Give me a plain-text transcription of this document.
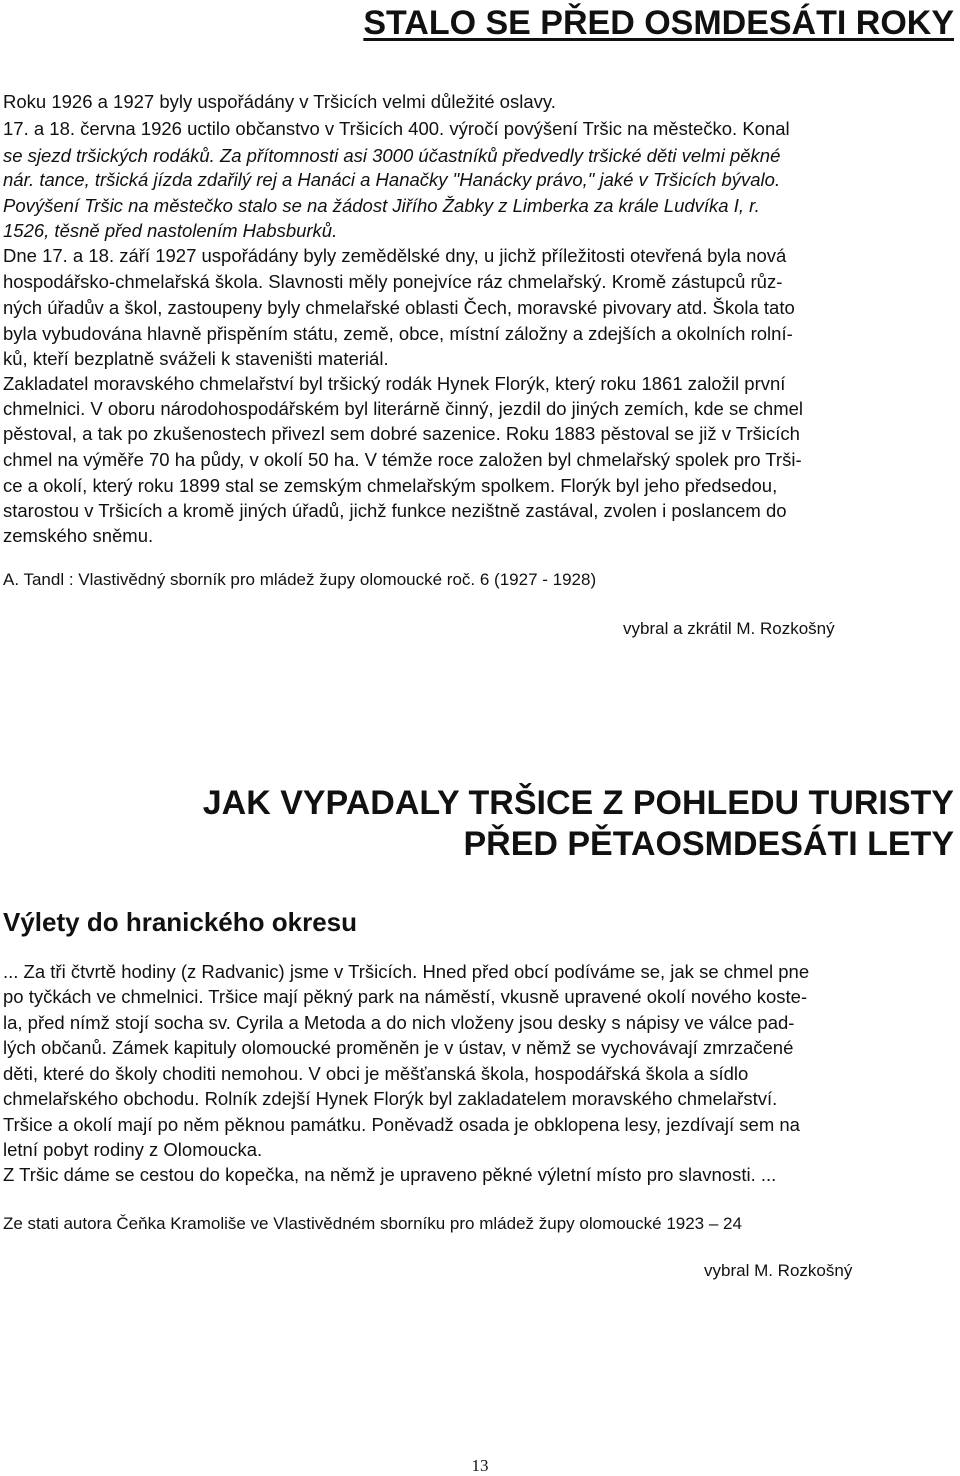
STALO SE PŘED OSMDESÁTI ROKY
Roku 1926 a 1927 byly uspořádány v Tršicích velmi důležité oslavy.
17. a 18. června 1926 uctilo občanstvo v Tršicích 400. výročí povýšení Tršic na městečko. Konal
se sjezd tršických rodáků. Za přítomnosti asi 3000 účastníků předvedly tršické děti velmi pěkné
nár. tance, tršická jízda zdařilý rej a Hanáci a Hanačky "Hanácky právo," jaké v Tršicích bývalo.
Povýšení Tršic na městečko stalo se na žádost Jiřího Žabky z Limberka za krále Ludvíka I, r.
1526, těsně před nastolením Habsburků.
Dne 17. a 18. září 1927 uspořádány byly zemědělské dny, u jichž příležitosti otevřená byla nová
hospodářsko-chmelařská škola. Slavnosti měly ponejvíce ráz chmelařský. Kromě zástupců růz-
ných úřadův a škol, zastoupeny byly chmelařské oblasti Čech, moravské pivovary atd. Škola tato
byla vybudována hlavně přispěním státu, země, obce, místní záložny a zdejších a okolních rolní-
ků, kteří bezplatně sváželi k staveništi materiál.
Zakladatel moravského chmelařství byl tršický rodák Hynek Florýk, který roku 1861 založil první
chmelnici. V oboru národohospodářském byl literárně činný, jezdil do jiných zemích, kde se chmel
pěstoval, a tak po zkušenostech přivezl sem dobré sazenice. Roku 1883 pěstoval se již v Tršicích
chmel na výměře 70 ha půdy, v okolí 50 ha. V témže roce založen byl chmelařský spolek pro Trši-
ce a okolí, který roku 1899 stal se zemským chmelařským spolkem. Florýk byl jeho předsedou,
starostou v Tršicích a kromě jiných úřadů, jichž funkce nezištně zastával, zvolen i poslancem do
zemského sněmu.
A. Tandl : Vlastivědný sborník pro mládež župy olomoucké roč. 6 (1927 - 1928)
vybral a zkrátil M. Rozkošný
JAK VYPADALY TRŠICE Z POHLEDU TURISTY
PŘED PĚTAOSMDESÁTI LETY
Výlety do hranického okresu
... Za tři čtvrtě hodiny (z Radvanic) jsme v Tršicích. Hned před obcí podíváme se, jak se chmel pne
po tyčkách ve chmelnici. Tršice mají pěkný park na náměstí, vkusně upravené okolí nového koste-
la, před nímž stojí socha sv. Cyrila a Metoda a do nich vloženy jsou desky s nápisy ve válce pad-
lých občanů. Zámek kapituly olomoucké proměněn je v ústav, v němž se vychovávají zmrzačené
děti, které do školy choditi nemohou. V obci je měšťanská škola, hospodářská škola a sídlo
chmelařského obchodu. Rolník zdejší Hynek Florýk byl zakladatelem moravského chmelařství.
Tršice a okolí mají po něm pěknou památku. Poněvadž osada je obklopena lesy, jezdívají sem na
letní pobyt rodiny z Olomoucka.
Z Tršic dáme se cestou do kopečka, na němž je upraveno pěkné výletní místo pro slavnosti. ...
Ze stati autora Čeňka Kramoliše ve Vlastivědném sborníku pro mládež župy olomoucké 1923 – 24
vybral M. Rozkošný
13
